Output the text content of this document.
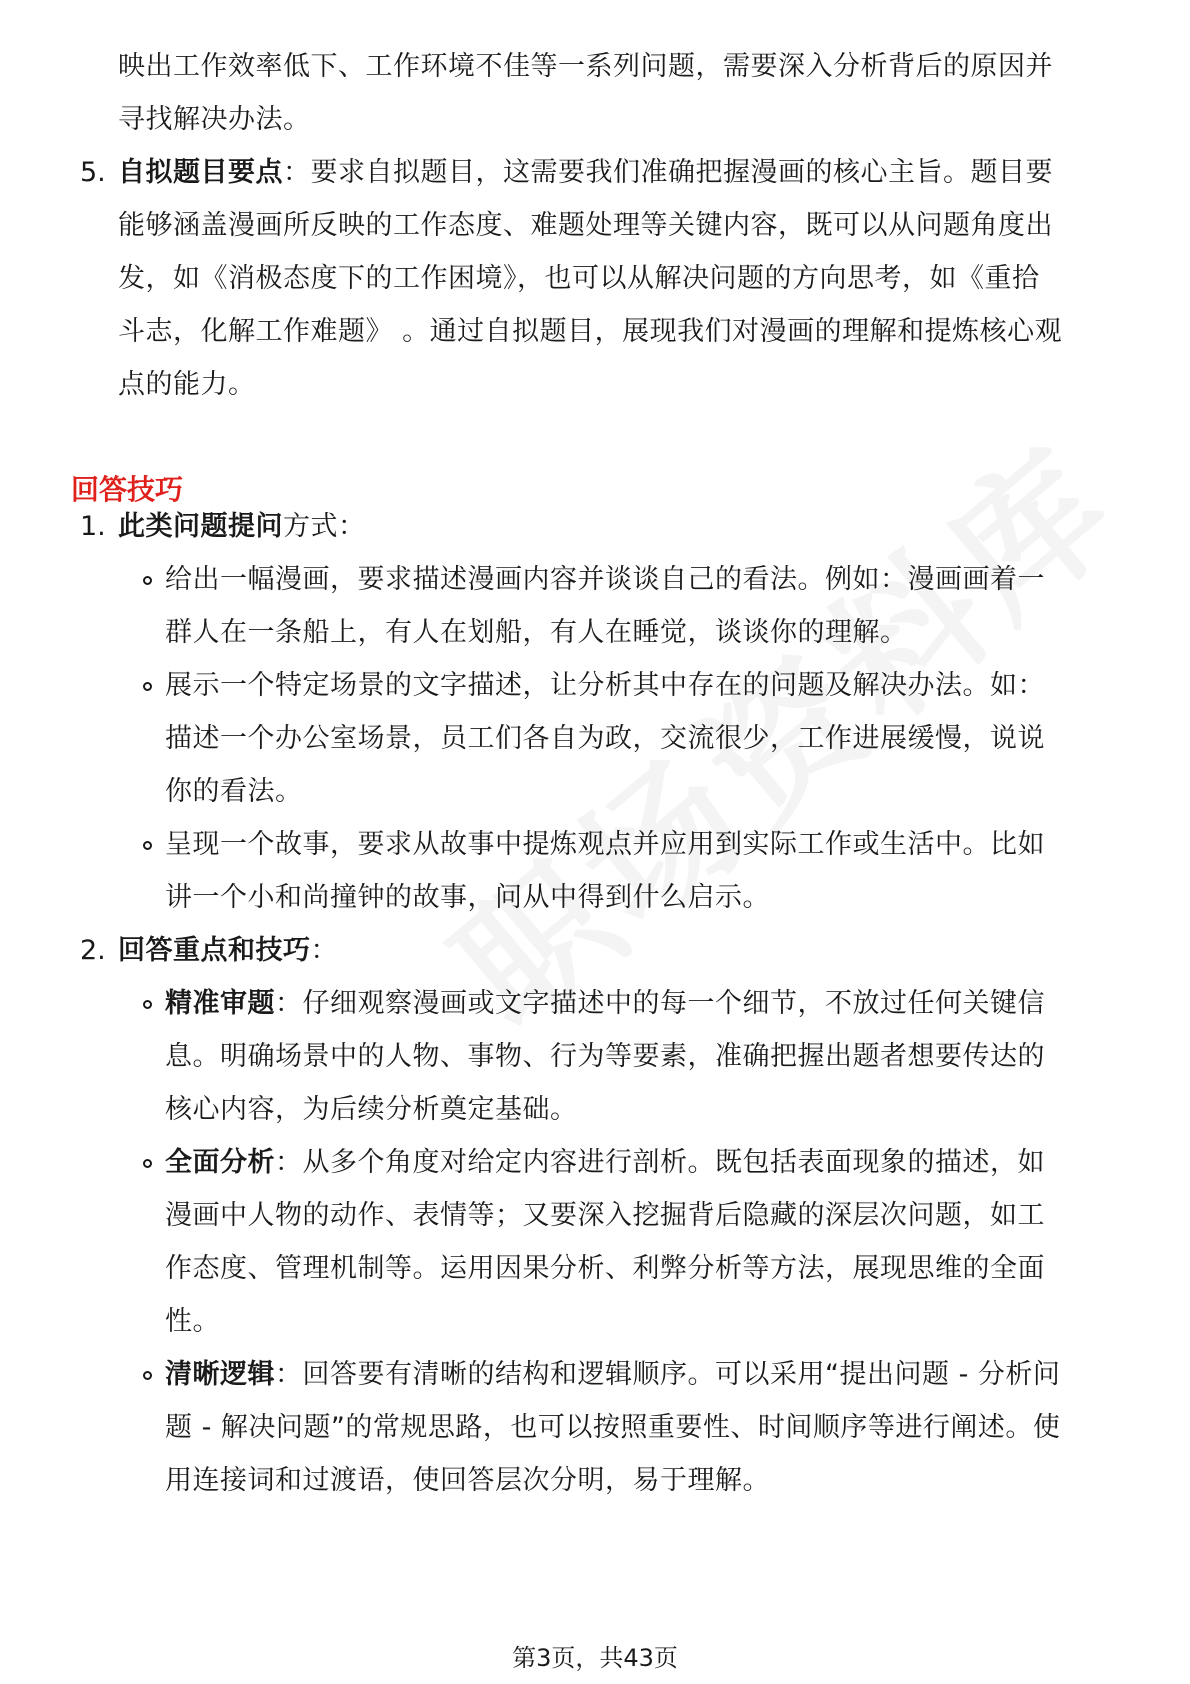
映出工作效率低下、工作环境不佳等一系列问题，需要深入分析背后的原因并
寻找解决办法。
5. 自拟题目要点：要求自拟题目，这需要我们准确把握漫画的核心主旨。题目要
能够涵盖漫画所反映的工作态度、难题处理等关键内容，既可以从问题角度出
发，如《消极态度下的工作困境》，也可以从解决问题的方向思考，如《重拾
斗志，化解工作难题》 。通过自拟题目，展现我们对漫画的理解和提炼核心观
点的能力。
回答技巧
1. 此类问题提问方式：
给出一幅漫画，要求描述漫画内容并谈谈自己的看法。例如：漫画画着一
群人在一条船上，有人在划船，有人在睡觉，谈谈你的理解。
展示一个特定场景的文字描述，让分析其中存在的问题及解决办法。如：
描述一个办公室场景，员工们各自为政，交流很少，工作进展缓慢，说说
你的看法。
呈现一个故事，要求从故事中提炼观点并应用到实际工作或生活中。比如
讲一个小和尚撞钟的故事，问从中得到什么启示。
2. 回答重点和技巧：
精准审题：仔细观察漫画或文字描述中的每一个细节，不放过任何关键信
息。明确场景中的人物、事物、行为等要素，准确把握出题者想要传达的
核心内容，为后续分析奠定基础。
全面分析：从多个角度对给定内容进行剖析。既包括表面现象的描述，如
漫画中人物的动作、表情等；又要深入挖掘背后隐藏的深层次问题，如工
作态度、管理机制等。运用因果分析、利弊分析等方法，展现思维的全面
性。
清晰逻辑：回答要有清晰的结构和逻辑顺序。可以采用“提出问题 - 分析问
题 - 解决问题”的常规思路，也可以按照重要性、时间顺序等进行阐述。使
用连接词和过渡语，使回答层次分明，易于理解。
第3页，共43页
